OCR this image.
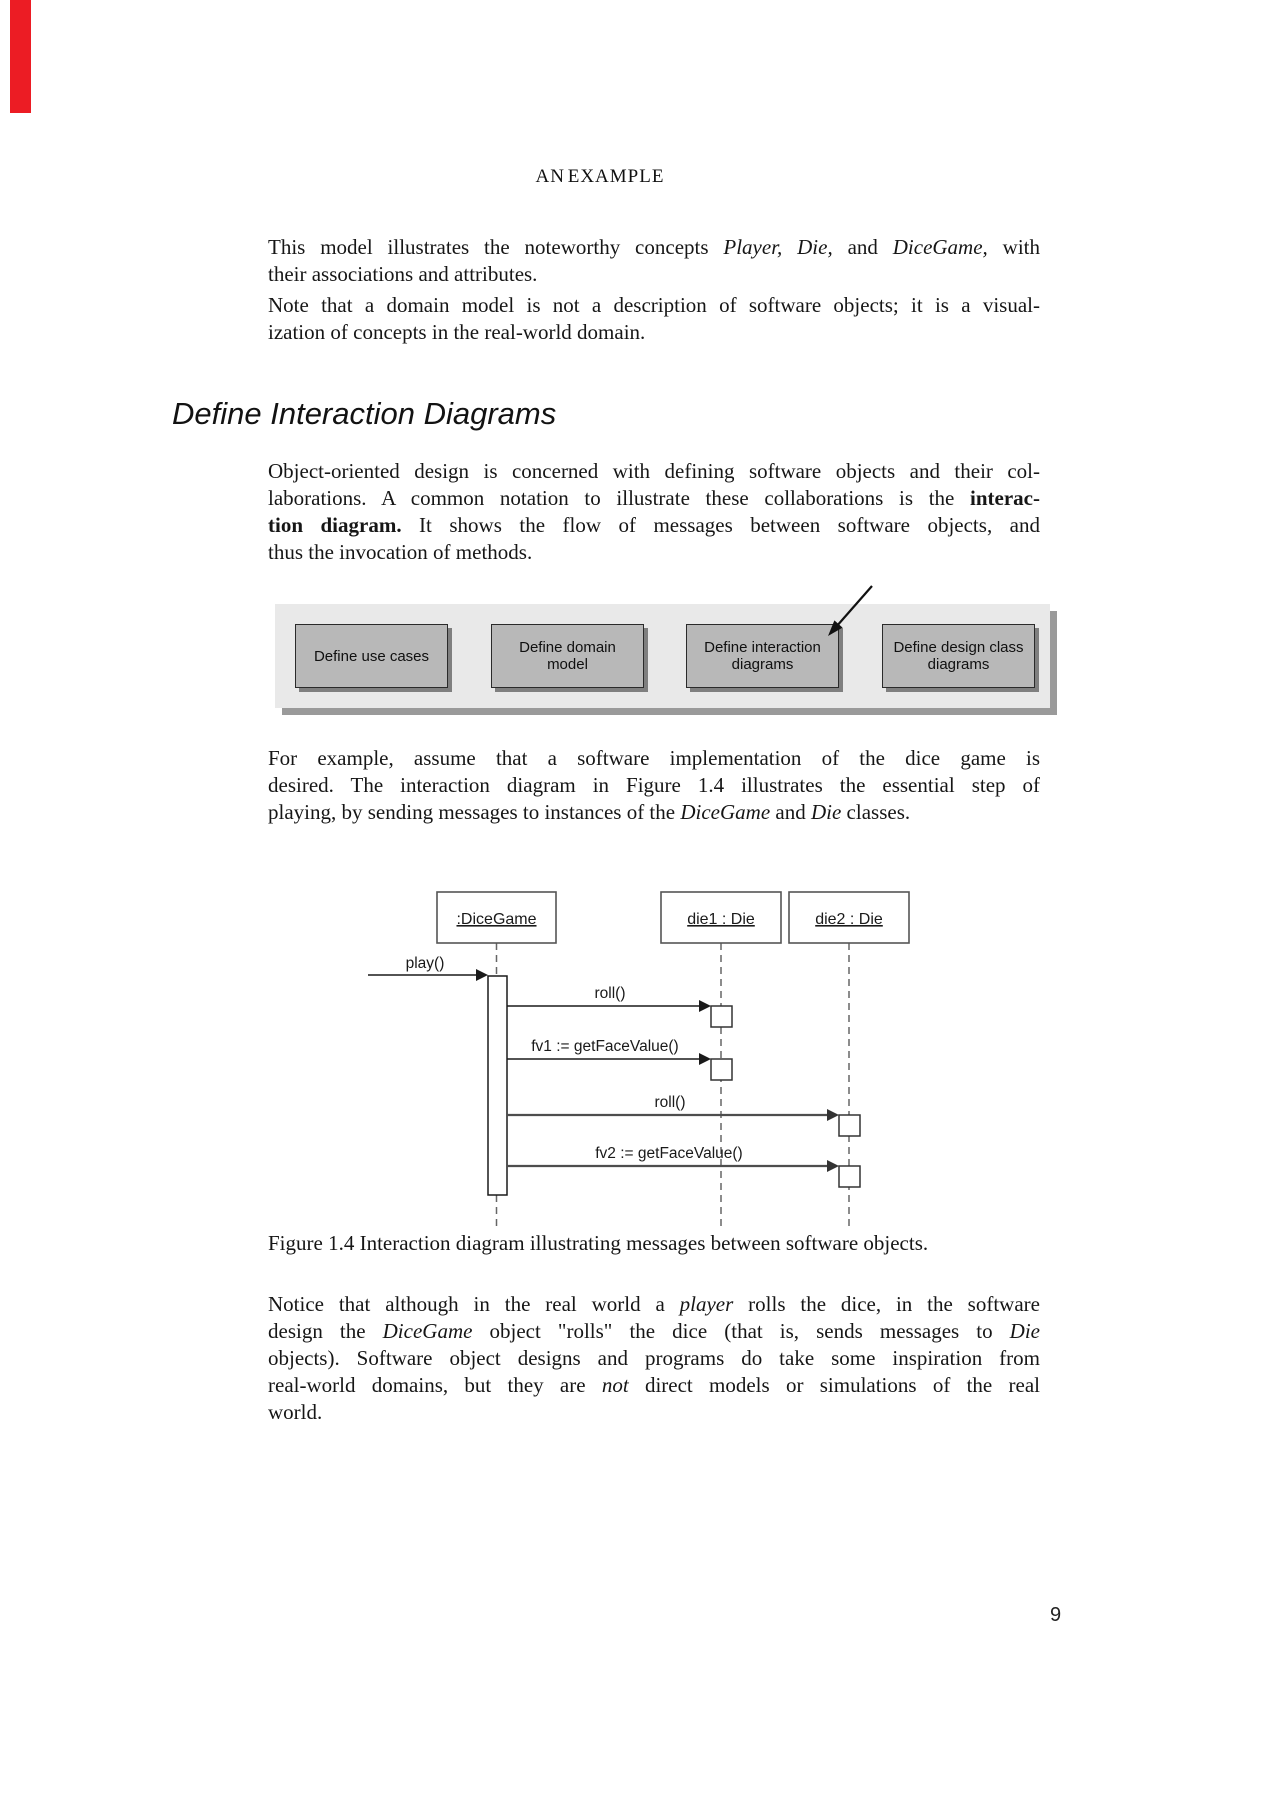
AN EXAMPLE
This model illustrates the noteworthy concepts Player, Die, and DiceGame, with
their associations and attributes.
Note that a domain model is not a description of software objects; it is a visual-
ization of concepts in the real-world domain.
Define Interaction Diagrams
Object-oriented design is concerned with defining software objects and their col-
laborations. A common notation to illustrate these collaborations is the interac-
tion diagram. It shows the flow of messages between software objects, and
thus the invocation of methods.
Define use cases	Define domain model
Define interaction diagrams
Define design class diagrams
For example, assume that a software implementation of the dice game is
desired. The interaction diagram in Figure 1.4 illustrates the essential step of
playing, by sending messages to instances of the DiceGame and Die classes.
:DiceGame	die1 : Die	die2 : Die
play()
roll()
fv1 := getFaceValue()
roll()
fv2 := getFaceValue()
Figure 1.4 Interaction diagram illustrating messages between software objects.
Notice that although in the real world a player rolls the dice, in the software
design the DiceGame object "rolls" the dice (that is, sends messages to Die
objects). Software object designs and programs do take some inspiration from
real-world domains, but they are not direct models or simulations of the real
world.
9
